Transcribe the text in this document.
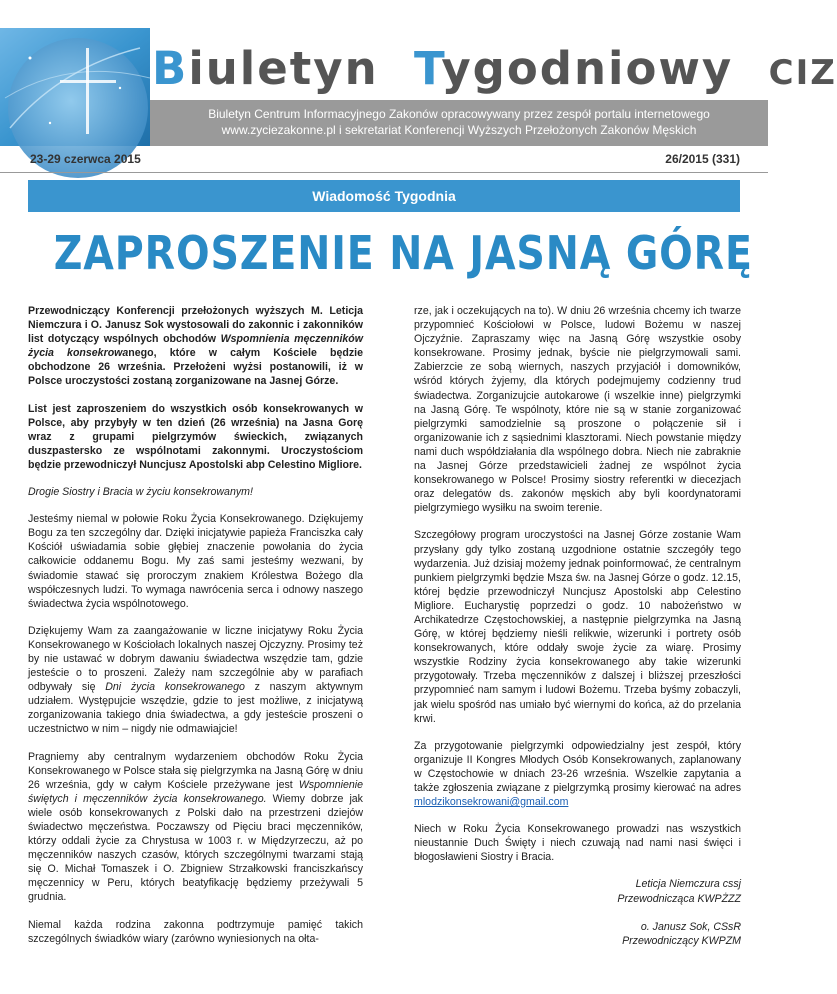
Biuletyn Tygodniowy CIZ
Biuletyn Centrum Informacyjnego Zakonów opracowywany przez zespół portalu internetowego
www.zyciezakonne.pl i sekretariat Konferencji Wyższych Przełożonych Zakonów Męskich
23-29 czerwca 2015	26/2015 (331)
Wiadomość Tygodnia
ZAPROSZENIE NA JASNĄ GÓRĘ

Przewodniczący Konferencji przełożonych wyższych M. Leticja Niemczura i O. Janusz Sok wystosowali do zakonnic i zakonników list dotyczący wspólnych obchodów Wspomnienia męczenników życia konsekrowanego, które w całym Kościele będzie obchodzone 26 września. Przełożeni wyżsi postanowili, iż w Polsce uroczystości zostaną zorganizowane na Jasnej Górze.

List jest zaproszeniem do wszystkich osób konsekrowanych w Polsce, aby przybyły w ten dzień (26 września) na Jasna Gorę wraz z grupami pielgrzymów świeckich, związanych duszpastersko ze wspólnotami zakonnymi. Uroczystościom będzie przewodniczył Nuncjusz Apostolski abp Celestino Migliore.

Drogie Siostry i Bracia w życiu konsekrowanym!

Jesteśmy niemal w połowie Roku Życia Konsekrowanego. Dziękujemy Bogu za ten szczególny dar. Dzięki inicjatywie papieża Franciszka cały Kościół uświadamia sobie głębiej znaczenie powołania do życia całkowicie oddanemu Bogu. My zaś sami jesteśmy wezwani, by świadomie stawać się proroczym znakiem Królestwa Bożego dla współczesnych ludzi. To wymaga nawrócenia serca i odnowy naszego świadectwa życia wspólnotowego.

Dziękujemy Wam za zaangażowanie w liczne inicjatywy Roku Życia Konsekrowanego w Kościołach lokalnych naszej Ojczyzny. Prosimy też by nie ustawać w dobrym dawaniu świadectwa wszędzie tam, gdzie jesteście o to proszeni. Zależy nam szczególnie aby w parafiach odbywały się Dni życia konsekrowanego z naszym aktywnym udziałem. Występujcie wszędzie, gdzie to jest możliwe, z inicjatywą zorganizowania takiego dnia świadectwa, a gdy jesteście proszeni o uczestnictwo w nim – nigdy nie odmawiajcie!

Pragniemy aby centralnym wydarzeniem obchodów Roku Życia Konsekrowanego w Polsce stała się pielgrzymka na Jasną Górę w dniu 26 września, gdy w całym Kościele przeżywane jest Wspomnienie świętych i męczenników życia konsekrowanego. Wiemy dobrze jak wiele osób konsekrowanych z Polski dało na przestrzeni dziejów świadectwo męczeństwa. Poczawszy od Pięciu braci męczenników, którzy oddali życie za Chrystusa w 1003 r. w Międzyrzeczu, aż po męczenników naszych czasów, których szczególnymi twarzami stają się O. Michał Tomaszek i O. Zbigniew Strzałkowski franciszkańscy męczennicy w Peru, których beatyfikację będziemy przeżywali 5 grudnia.

Niemal każda rodzina zakonna podtrzymuje pamięć takich szczególnych świadków wiary (zarówno wyniesionych na ołta-

rze, jak i oczekujących na to). W dniu 26 września chcemy ich twarze przypomnieć Kościołowi w Polsce, ludowi Bożemu w naszej Ojczyźnie. Zapraszamy więc na Jasną Górę wszystkie osoby konsekrowane. Prosimy jednak, byście nie pielgrzymowali sami. Zabierzcie ze sobą wiernych, naszych przyjaciół i domowników, wśród których żyjemy, dla których podejmujemy codzienny trud świadectwa. Zorganizujcie autokarowe (i wszelkie inne) pielgrzymki na Jasną Górę. Te wspólnoty, które nie są w stanie zorganizować pielgrzymki samodzielnie są proszone o połączenie sił i organizowanie ich z sąsiednimi klasztorami. Niech powstanie między nami duch współdziałania dla wspólnego dobra. Niech nie zabraknie na Jasnej Górze przedstawicieli żadnej ze wspólnot życia konsekrowanego w Polsce! Prosimy siostry referentki w diecezjach oraz delegatów ds. zakonów męskich aby byli koordynatorami pielgrzymiego wysiłku na swoim terenie.

Szczegółowy program uroczystości na Jasnej Górze zostanie Wam przysłany gdy tylko zostaną uzgodnione ostatnie szczegóły tego wydarzenia. Już dzisiaj możemy jednak poinformować, że centralnym punkiem pielgrzymki będzie Msza św. na Jasnej Górze o godz. 12.15, której będzie przewodniczył Nuncjusz Apostolski abp Celestino Migliore. Eucharystię poprzedzi o godz. 10 nabożeństwo w Archikatedrze Częstochowskiej, a następnie pielgrzymka na Jasną Górę, w której będziemy nieśli relikwie, wizerunki i portrety osób konsekrowanych, które oddały swoje życie za wiarę. Prosimy wszystkie Rodziny życia konsekrowanego aby takie wizerunki przygotowały. Trzeba męczenników z dalszej i bliższej przeszłości przypomnieć nam samym i ludowi Bożemu. Trzeba byśmy zobaczyli, jak wielu spośród nas umiało być wiernymi do końca, aż do przelania krwi.

Za przygotowanie pielgrzymki odpowiedzialny jest zespół, który organizuje II Kongres Młodych Osób Konsekrowanych, zaplanowany w Częstochowie w dniach 23-26 września. Wszelkie zapytania a także zgłoszenia związane z pielgrzymką prosimy kierować na adres mlodzikonsekrowani@gmail.com

Niech w Roku Życia Konsekrowanego prowadzi nas wszystkich nieustannie Duch Święty i niech czuwają nad nami nasi święci i błogosławieni Siostry i Bracia.

Leticja Niemczura cssj
Przewodnicząca KWPŻZZ
o. Janusz Sok, CSsR
Przewodniczący KWPZM
